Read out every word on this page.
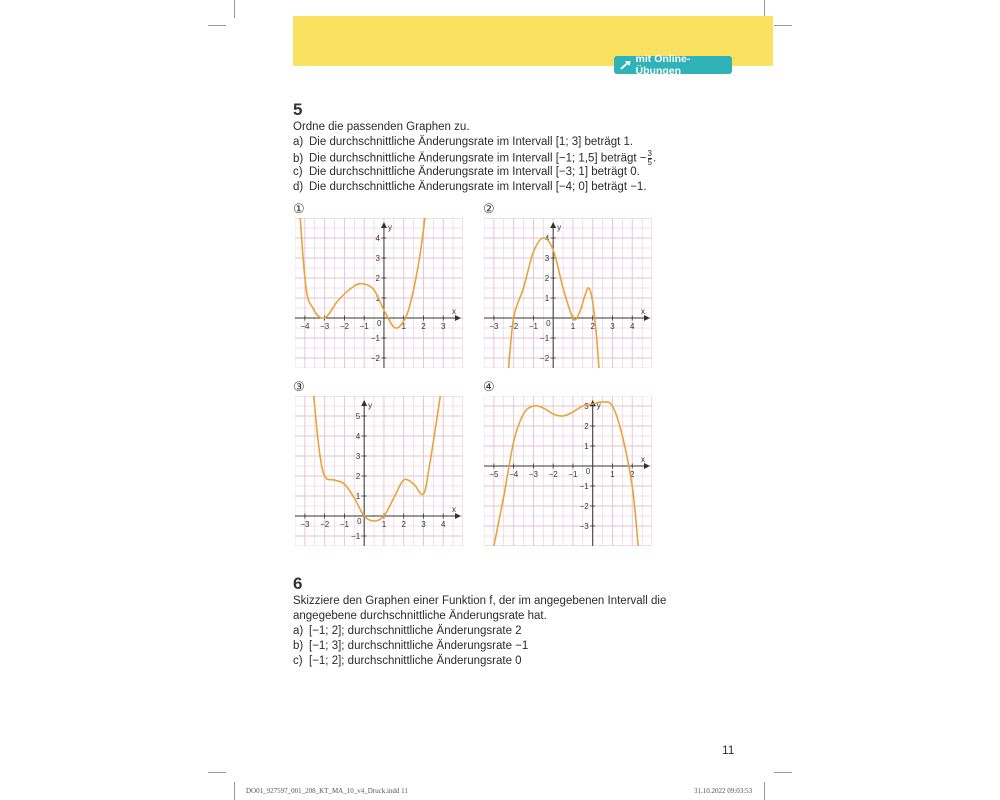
mit Online-Übungen
5
Ordne die passenden Graphen zu.
a) Die durchschnittliche Änderungsrate im Intervall [1; 3] beträgt 1.
b) Die durchschnittliche Änderungsrate im Intervall [−1; 1,5] beträgt − $\frac{3}{5}$ .
c) Die durchschnittliche Änderungsrate im Intervall [−3; 1] beträgt 0.
d) Die durchschnittliche Änderungsrate im Intervall [−4; 0] beträgt −1.
①	②
③	④
x
y
0
−4 −3 −2 −1	1 2 3
4
3
2
1
−1
−2
x
y
0
−3 −2 −1	1 2 3 4
4
3
2
1
−1
−2
x
y
0
−3 −2 −1	1 2 3 4
5
4
3
2
1
−1
x
y
0
−5 −4 −3 −2 −1	1 2
3
2
1
−1
−2
−3
6
Skizziere den Graphen einer Funktion f, der im angegebenen Intervall die
angegebene durchschnittliche Änderungsrate hat.
a) [−1; 2]; durchschnittliche Änderungsrate 2
b) [−1; 3]; durchschnittliche Änderungsrate −1
c) [−1; 2]; durchschnittliche Änderungsrate 0
11
DO01_927597_001_208_KT_MA_10_v4_Druck.indd 11	31.10.2022 09:03:53
